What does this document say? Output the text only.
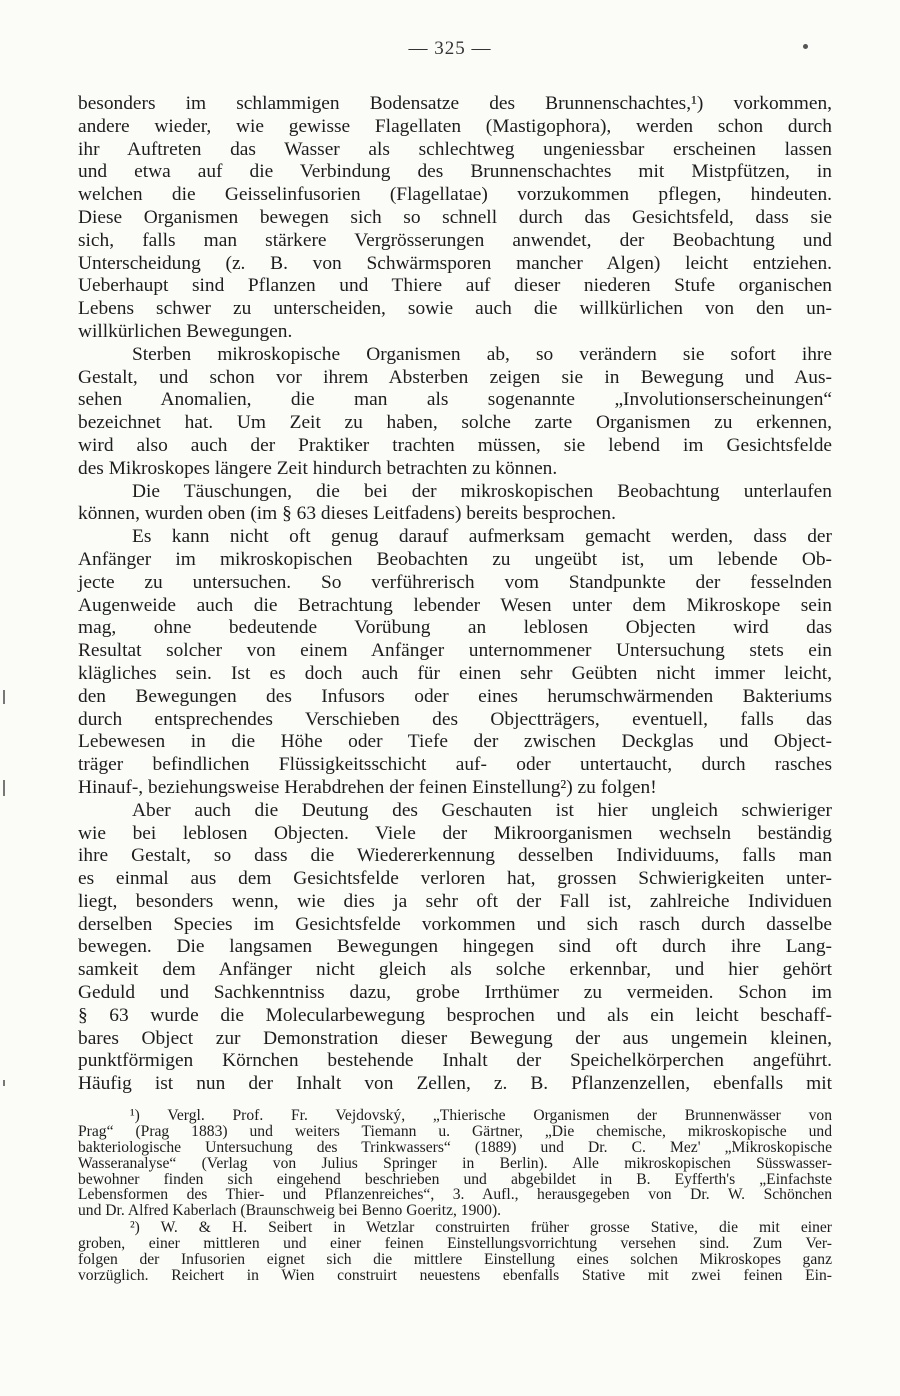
— 325 —
besonders im schlammigen Bodensatze des Brunnenschachtes,¹) vorkommen,
andere wieder, wie gewisse Flagellaten (Mastigophora), werden schon durch
ihr Auftreten das Wasser als schlechtweg ungeniessbar erscheinen lassen
und etwa auf die Verbindung des Brunnenschachtes mit Mistpfützen, in
welchen die Geisselinfusorien (Flagellatae) vorzukommen pflegen, hindeuten.
Diese Organismen bewegen sich so schnell durch das Gesichtsfeld, dass sie
sich, falls man stärkere Vergrösserungen anwendet, der Beobachtung und
Unterscheidung (z. B. von Schwärmsporen mancher Algen) leicht entziehen.
Ueberhaupt sind Pflanzen und Thiere auf dieser niederen Stufe organischen
Lebens schwer zu unterscheiden, sowie auch die willkürlichen von den un-
willkürlichen Bewegungen.
Sterben mikroskopische Organismen ab, so verändern sie sofort ihre
Gestalt, und schon vor ihrem Absterben zeigen sie in Bewegung und Aus-
sehen Anomalien, die man als sogenannte „Involutionserscheinungen“
bezeichnet hat. Um Zeit zu haben, solche zarte Organismen zu erkennen,
wird also auch der Praktiker trachten müssen, sie lebend im Gesichtsfelde
des Mikroskopes längere Zeit hindurch betrachten zu können.
Die Täuschungen, die bei der mikroskopischen Beobachtung unterlaufen
können, wurden oben (im § 63 dieses Leitfadens) bereits besprochen.
Es kann nicht oft genug darauf aufmerksam gemacht werden, dass der
Anfänger im mikroskopischen Beobachten zu ungeübt ist, um lebende Ob-
jecte zu untersuchen. So verführerisch vom Standpunkte der fesselnden
Augenweide auch die Betrachtung lebender Wesen unter dem Mikroskope sein
mag, ohne bedeutende Vorübung an leblosen Objecten wird das
Resultat solcher von einem Anfänger unternommener Untersuchung stets ein
klägliches sein. Ist es doch auch für einen sehr Geübten nicht immer leicht,
den Bewegungen des Infusors oder eines herumschwärmenden Bakteriums
durch entsprechendes Verschieben des Objectträgers, eventuell, falls das
Lebewesen in die Höhe oder Tiefe der zwischen Deckglas und Object-
träger befindlichen Flüssigkeitsschicht auf- oder untertaucht, durch rasches
Hinauf-, beziehungsweise Herabdrehen der feinen Einstellung²) zu folgen!
Aber auch die Deutung des Geschauten ist hier ungleich schwieriger
wie bei leblosen Objecten. Viele der Mikroorganismen wechseln beständig
ihre Gestalt, so dass die Wiedererkennung desselben Individuums, falls man
es einmal aus dem Gesichtsfelde verloren hat, grossen Schwierigkeiten unter-
liegt, besonders wenn, wie dies ja sehr oft der Fall ist, zahlreiche Individuen
derselben Species im Gesichtsfelde vorkommen und sich rasch durch dasselbe
bewegen. Die langsamen Bewegungen hingegen sind oft durch ihre Lang-
samkeit dem Anfänger nicht gleich als solche erkennbar, und hier gehört
Geduld und Sachkenntniss dazu, grobe Irrthümer zu vermeiden. Schon im
§ 63 wurde die Molecularbewegung besprochen und als ein leicht beschaff-
bares Object zur Demonstration dieser Bewegung der aus ungemein kleinen,
punktförmigen Körnchen bestehende Inhalt der Speichelkörperchen angeführt.
Häufig ist nun der Inhalt von Zellen, z. B. Pflanzenzellen, ebenfalls mit
¹) Vergl. Prof. Fr. Vejdovský, „Thierische Organismen der Brunnenwässer von
Prag“ (Prag 1883) und weiters Tiemann u. Gärtner, „Die chemische, mikroskopische und
bakteriologische Untersuchung des Trinkwassers“ (1889) und Dr. C. Mez' „Mikroskopische
Wasseranalyse“ (Verlag von Julius Springer in Berlin). Alle mikroskopischen Süsswasser-
bewohner finden sich eingehend beschrieben und abgebildet in B. Eyfferth's „Einfachste
Lebensformen des Thier- und Pflanzenreiches“, 3. Aufl., herausgegeben von Dr. W. Schönchen
und Dr. Alfred Kaberlach (Braunschweig bei Benno Goeritz, 1900).
²) W. & H. Seibert in Wetzlar construirten früher grosse Stative, die mit einer
groben, einer mittleren und einer feinen Einstellungsvorrichtung versehen sind. Zum Ver-
folgen der Infusorien eignet sich die mittlere Einstellung eines solchen Mikroskopes ganz
vorzüglich. Reichert in Wien construirt neuestens ebenfalls Stative mit zwei feinen Ein-
